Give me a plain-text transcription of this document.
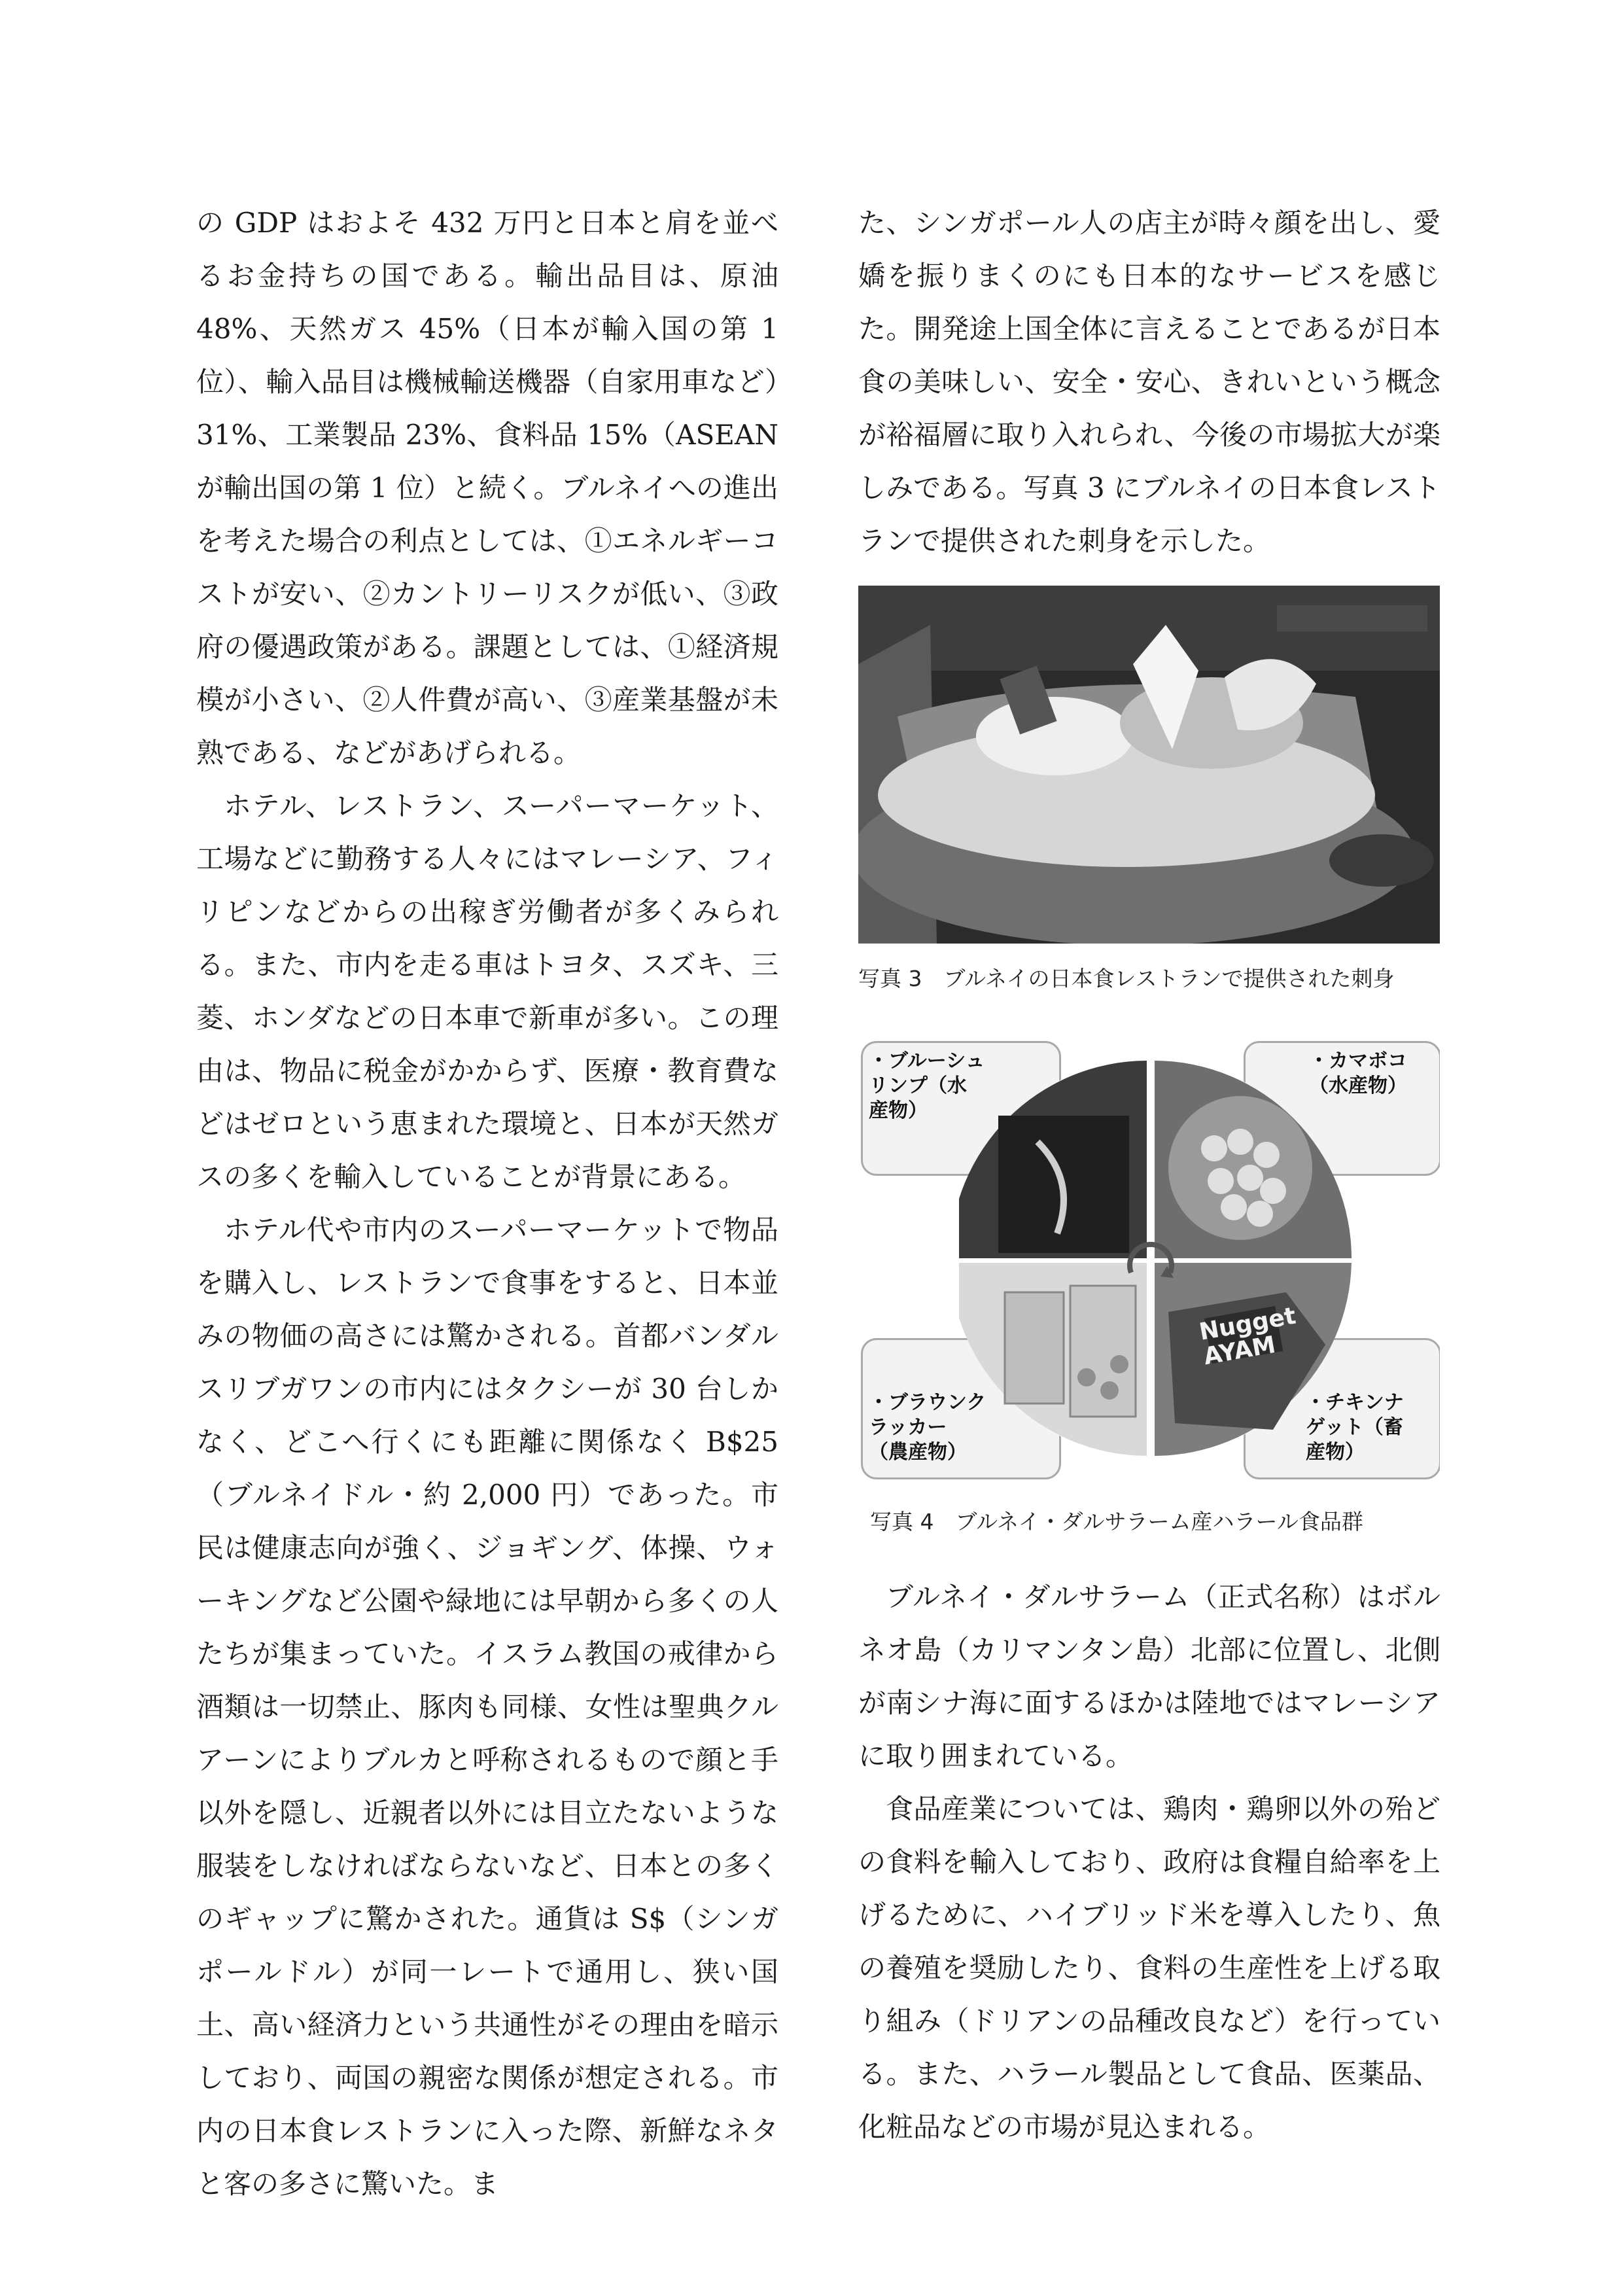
の GDP はおよそ 432 万円と日本と肩を並べるお金持ちの国である。輸出品目は、原油 48%、天然ガス 45%（日本が輸入国の第 1 位）、輸入品目は機械輸送機器（自家用車など）31%、工業製品 23%、食料品 15%（ASEAN が輸出国の第 1 位）と続く。ブルネイへの進出を考えた場合の利点としては、①エネルギーコストが安い、②カントリーリスクが低い、③政府の優遇政策がある。課題としては、①経済規模が小さい、②人件費が高い、③産業基盤が未熟である、などがあげられる。

ホテル、レストラン、スーパーマーケット、工場などに勤務する人々にはマレーシア、フィリピンなどからの出稼ぎ労働者が多くみられる。また、市内を走る車はトヨタ、スズキ、三菱、ホンダなどの日本車で新車が多い。この理由は、物品に税金がかからず、医療・教育費などはゼロという恵まれた環境と、日本が天然ガスの多くを輸入していることが背景にある。

ホテル代や市内のスーパーマーケットで物品を購入し、レストランで食事をすると、日本並みの物価の高さには驚かされる。首都バンダルスリブガワンの市内にはタクシーが 30 台しかなく、どこへ行くにも距離に関係なく B$25（ブルネイドル・約 2,000 円）であった。市民は健康志向が強く、ジョギング、体操、ウォーキングなど公園や緑地には早朝から多くの人たちが集まっていた。イスラム教国の戒律から酒類は一切禁止、豚肉も同様、女性は聖典クルアーンによりブルカと呼称されるもので顔と手以外を隠し、近親者以外には目立たないような服装をしなければならないなど、日本との多くのギャップに驚かされた。通貨は S$（シンガポールドル）が同一レートで通用し、狭い国土、高い経済力という共通性がその理由を暗示しており、両国の親密な関係が想定される。市内の日本食レストランに入った際、新鮮なネタと客の多さに驚いた。ま

た、シンガポール人の店主が時々顔を出し、愛嬌を振りまくのにも日本的なサービスを感じた。開発途上国全体に言えることであるが日本食の美味しい、安全・安心、きれいという概念が裕福層に取り入れられ、今後の市場拡大が楽しみである。写真 3 にブルネイの日本食レストランで提供された刺身を示した。

写真 3　ブルネイの日本食レストランで提供された刺身
・ブルーシュ
リンプ（水
産物）
・カマボコ
（水産物）
・ブラウンク
ラッカー
（農産物）
・チキンナ
ゲット（畜
産物）
Nugget
AYAM
写真 4　ブルネイ・ダルサラーム産ハラール食品群

ブルネイ・ダルサラーム（正式名称）はボルネオ島（カリマンタン島）北部に位置し、北側が南シナ海に面するほかは陸地ではマレーシアに取り囲まれている。

食品産業については、鶏肉・鶏卵以外の殆どの食料を輸入しており、政府は食糧自給率を上げるために、ハイブリッド米を導入したり、魚の養殖を奨励したり、食料の生産性を上げる取り組み（ドリアンの品種改良など）を行っている。また、ハラール製品として食品、医薬品、化粧品などの市場が見込まれる。
